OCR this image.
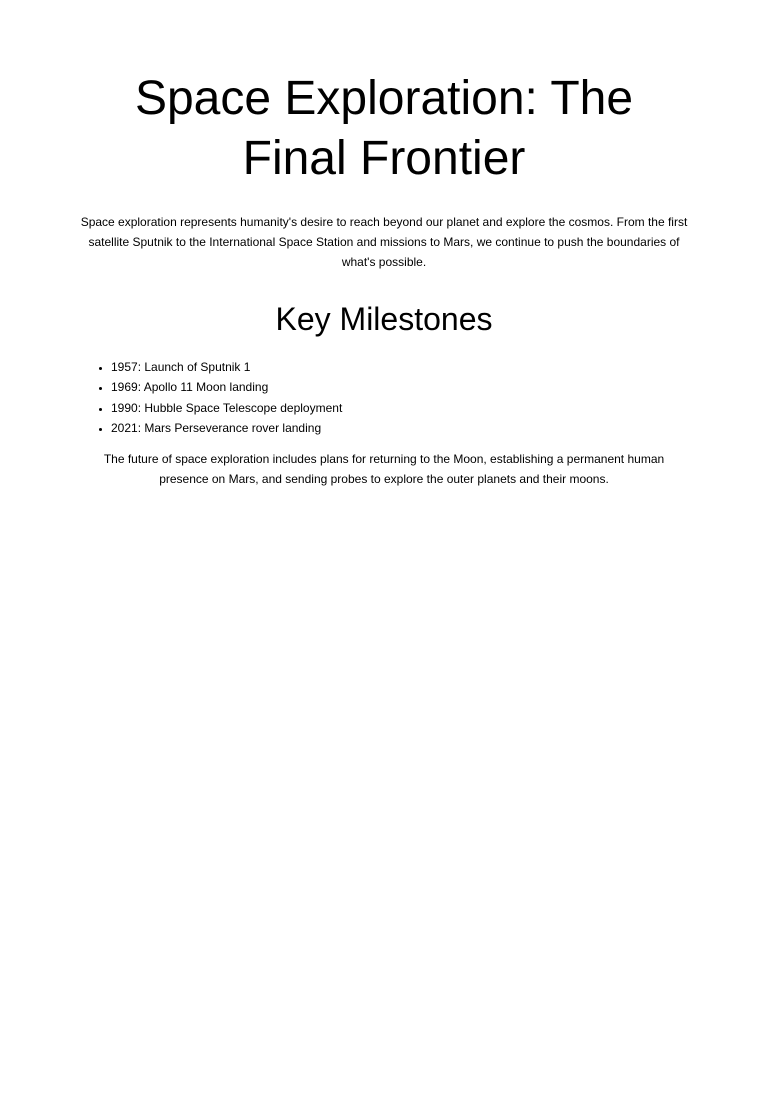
Space Exploration: The Final Frontier

Space exploration represents humanity's desire to reach beyond our planet and explore the cosmos. From the first satellite Sputnik to the International Space Station and missions to Mars, we continue to push the boundaries of what's possible.

Key Milestones
• 1957: Launch of Sputnik 1
• 1969: Apollo 11 Moon landing
• 1990: Hubble Space Telescope deployment
• 2021: Mars Perseverance rover landing

The future of space exploration includes plans for returning to the Moon, establishing a permanent human presence on Mars, and sending probes to explore the outer planets and their moons.
